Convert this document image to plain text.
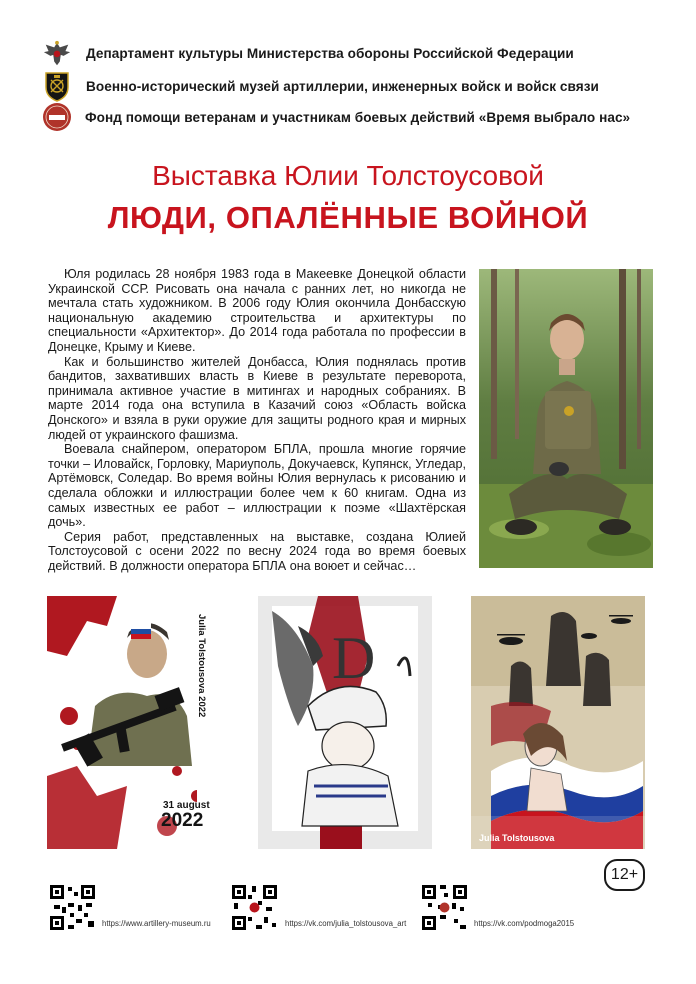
Департамент культуры Министерства обороны Российской Федерации
Военно-исторический музей артиллерии, инженерных войск и войск связи
Фонд помощи ветеранам и участникам боевых действий «Время выбрало нас»
Выставка Юлии Толстоусовой
ЛЮДИ, ОПАЛЁННЫЕ ВОЙНОЙ

Юля родилась 28 ноября 1983 года в Макеевке Донецкой области Украинской ССР. Рисовать она начала с ранних лет, но никогда не мечтала стать художником. В 2006 году Юлия окончила Донбасскую национальную академию строительства и архитектуры по специальности «Архитектор». До 2014 года работала по профессии в Донецке, Крыму и Киеве.

Как и большинство жителей Донбасса, Юлия поднялась против бандитов, захвативших власть в Киеве в результате переворота, принимала активное участие в митингах и народных собраниях. В марте 2014 года она вступила в Казачий союз «Область войска Донского» и взяла в руки оружие для защиты родного края и мирных людей от украинского фашизма.

Воевала снайпером, оператором БПЛА, прошла многие горячие точки – Иловайск, Горловку, Мариуполь, Докучаевск, Купянск, Угледар, Артёмовск, Соледар. Во время войны Юлия вернулась к рисованию и сделала обложки и иллюстрации более чем к 60 книгам. Одна из самых известных ее работ – иллюстрации к поэме «Шахтёрская дочь».

Серия работ, представленных на выставке, создана Юлией Толстоусовой с осени 2022 по весну 2024 года во время боевых действий. В должности оператора БПЛА она воюет и сейчас…

Julia Tolstousova 2022
31 august
2022
D
Julia Tolstousova
12+
https://www.artillery-museum.ru	https://vk.com/julia_tolstousova_art	https://vk.com/podmoga2015
